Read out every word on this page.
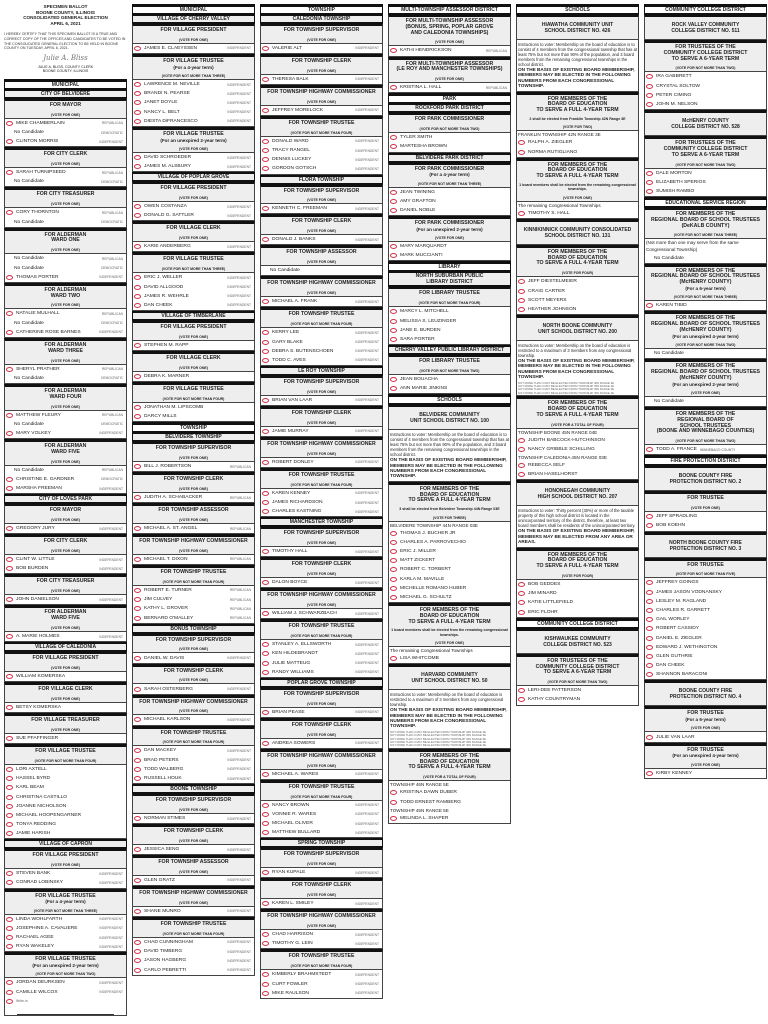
SPECIMEN BALLOT
BOONE COUNTY, ILLINOIS
CONSOLIDATED GENERAL ELECTION
APRIL 6, 2021
I HEREBY CERTIFY THAT THIS SPECIMEN BALLOT IS A TRUE AND CORRECT COPY OF THE OFFICES AND CANDIDATES TO BE VOTED IN THE CONSOLIDATED GENERAL ELECTION TO BE HELD IN BOONE COUNTY ON TUESDAY, APRIL 6, 2021.
Julie A. Bliss
JULIE A. BLISS, COUNTY CLERK
BOONE COUNTY, ILLINOIS
MUNICIPAL
CITY OF BELVIDERE
FOR MAYOR
(VOTE FOR ONE)
MIKE CHAMBERLAIN	REPUBLICAN
No Candidate	DEMOCRATIC
CLINTON MORRIS	INDEPENDENT
FOR CITY CLERK
(VOTE FOR ONE)
SARAH TURNIPSEED	REPUBLICAN
No Candidate	DEMOCRATIC
FOR CITY TREASURER
(VOTE FOR ONE)
CORY THORNTON	REPUBLICAN
No Candidate	DEMOCRATIC
FOR ALDERMAN
WARD ONE
(VOTE FOR ONE)
No Candidate	REPUBLICAN
No Candidate	DEMOCRATIC
THOMAS PORTER	INDEPENDENT
FOR ALDERMAN
WARD TWO
(VOTE FOR ONE)
NATALIE MULHALL	REPUBLICAN
No Candidate	DEMOCRATIC
CATHERINE ROSE BARNES	INDEPENDENT
FOR ALDERMAN
WARD THREE
(VOTE FOR ONE)
SHERYL PRATHER	REPUBLICAN
No Candidate	DEMOCRATIC
FOR ALDERMAN
WARD FOUR
(VOTE FOR ONE)
MATTHEW FLEURY	REPUBLICAN
No Candidate	DEMOCRATIC
MARY VOLKEY	INDEPENDENT
FOR ALDERMAN
WARD FIVE
(VOTE FOR ONE)
No Candidate	REPUBLICAN
CHRISTINE E. GARDNER	DEMOCRATIC
MARSHA FREEMAN	INDEPENDENT
CITY OF LOVES PARK
FOR MAYOR
(VOTE FOR ONE)
GREGORY JURY	INDEPENDENT
FOR CITY CLERK
(VOTE FOR ONE)
CLINT W. LITTLE	INDEPENDENT
BOB BURDEN	INDEPENDENT
FOR CITY TREASURER
(VOTE FOR ONE)
JOHN DANIELSON	INDEPENDENT
FOR ALDERMAN
WARD FIVE
(VOTE FOR ONE)
A. MARIE HOLMES	INDEPENDENT
VILLAGE OF CALEDONIA
FOR VILLAGE PRESIDENT
(VOTE FOR ONE)
WILLIAM KOMERSKA
FOR VILLAGE CLERK
(VOTE FOR ONE)
BETSY KOMERSKA
FOR VILLAGE TREASURER
(VOTE FOR ONE)
SUE PFAFFINGER
FOR VILLAGE TRUSTEE
(VOTE FOR NOT MORE THAN FOUR)
LORI AXTELL
HASSEL BYRD
KARL BEAM
CHRISTINA CASTILLO
JOANNE NICHOLSON
MICHAEL HOOPENGARNER
TONYA REDDING
JAMIE HARISH
VILLAGE OF CAPRON
FOR VILLAGE PRESIDENT
(VOTE FOR ONE)
STEVEN BANK	INDEPENDENT
CONRAD LOBINSKY	INDEPENDENT
FOR VILLAGE TRUSTEE
(For a 4-year term)
(VOTE FOR NOT MORE THAN THREE)
LINDA WOHLFARTH	INDEPENDENT
JOSEPHINE A. CAVALIERE	INDEPENDENT
RACHAEL AGEE	INDEPENDENT
RYAN WAKELEY	INDEPENDENT
FOR VILLAGE TRUSTEE
(For an unexpired 2-year term)
(VOTE FOR NOT MORE THAN TWO)
JORDAN DEURKSEN	INDEPENDENT
CAMILLE WILCOX	INDEPENDENT
Write-in
MUNICIPAL
VILLAGE OF CHERRY VALLEY
FOR VILLAGE PRESIDENT
(VOTE FOR ONE)
JAMES E. CLAEYSSEN	INDEPENDENT
FOR VILLAGE TRUSTEE
(For a 4-year term)
(VOTE FOR NOT MORE THAN THREE)
LAWRENCE M. NEVILLE	INDEPENDENT
BRANDI N. PEARSE	INDEPENDENT
JANET DOYLE	INDEPENDENT
NANCY L. BELT	INDEPENDENT
DIESTA DiFRANCESCO	INDEPENDENT
FOR VILLAGE TRUSTEE
(For an unexpired 2-year term)
(VOTE FOR ONE)
DAVID SCHROEDER	INDEPENDENT
JAMES M. ALSBURY	INDEPENDENT
VILLAGE OF POPLAR GROVE
FOR VILLAGE PRESIDENT
(VOTE FOR ONE)
OWEN COSTANZA	INDEPENDENT
DONALD G. SATTLER	INDEPENDENT
FOR VILLAGE CLERK
(VOTE FOR ONE)
KARIE ANDERBERG	INDEPENDENT
FOR VILLAGE TRUSTEE
(VOTE FOR NOT MORE THAN THREE)
ERIC J. WELLER	INDEPENDENT
DAVID ALLGOOD	INDEPENDENT
JAMES R. WEHRLE	INDEPENDENT
DAN CHEEK	INDEPENDENT
VILLAGE OF TIMBERLANE
FOR VILLAGE PRESIDENT
(VOTE FOR ONE)
STEPHEN M. RAPP
FOR VILLAGE CLERK
(VOTE FOR ONE)
DEBRA K. MARNER
FOR VILLAGE TRUSTEE
(VOTE FOR NOT MORE THAN FOUR)
JONATHAN M. LIPSCOMB
DARCY MILLS
TOWNSHIP
BELVIDERE TOWNSHIP
FOR TOWNSHIP SUPERVISOR
(VOTE FOR ONE)
BILL J. ROBERTSON	REPUBLICAN
FOR TOWNSHIP CLERK
(VOTE FOR ONE)
JUDITH A. SCHABACKER	REPUBLICAN
FOR TOWNSHIP ASSESSOR
(VOTE FOR ONE)
MICHAEL A. ST. ANGEL	REPUBLICAN
FOR TOWNSHIP HIGHWAY COMMISSIONER
(VOTE FOR ONE)
MICHAEL T. DIXON	REPUBLICAN
FOR TOWNSHIP TRUSTEE
(VOTE FOR NOT MORE THAN FOUR)
ROBERT E. TURNER	REPUBLICAN
JIM CULVEY	REPUBLICAN
KATHY L. GROVER	REPUBLICAN
BERNARD O'MALLEY	REPUBLICAN
BONUS TOWNSHIP
FOR TOWNSHIP SUPERVISOR
(VOTE FOR ONE)
DANIEL W. DAVIS	INDEPENDENT
FOR TOWNSHIP CLERK
(VOTE FOR ONE)
SARAH OSTERBERG	INDEPENDENT
FOR TOWNSHIP HIGHWAY COMMISSIONER
(VOTE FOR ONE)
MICHAEL KARLSON	INDEPENDENT
FOR TOWNSHIP TRUSTEE
(VOTE FOR NOT MORE THAN FOUR)
DAN MACKEY	INDEPENDENT
BRAD PETERS	INDEPENDENT
TODD WALBERG	INDEPENDENT
RUSSELL HOUK	INDEPENDENT
BOONE TOWNSHIP
FOR TOWNSHIP SUPERVISOR
(VOTE FOR ONE)
NORMAN STIMES	INDEPENDENT
FOR TOWNSHIP CLERK
(VOTE FOR ONE)
JESSICA SENG	INDEPENDENT
FOR TOWNSHIP ASSESSOR
(VOTE FOR ONE)
GLEN GRATZ	INDEPENDENT
FOR TOWNSHIP HIGHWAY COMMISSIONER
(VOTE FOR ONE)
SHANE MUNRO	INDEPENDENT
FOR TOWNSHIP TRUSTEE
(VOTE FOR NOT MORE THAN FOUR)
CHAD CUNNINGHAM	INDEPENDENT
DAVID TIMBERG	INDEPENDENT
JASON HAGBERG	INDEPENDENT
CARLO PEBRETTI	INDEPENDENT
TOWNSHIP
CALEDONIA TOWNSHIP
FOR TOWNSHIP SUPERVISOR
(VOTE FOR ONE)
VALERIE ALT	INDEPENDENT
FOR TOWNSHIP CLERK
(VOTE FOR ONE)
THERESA BALK	INDEPENDENT
FOR TOWNSHIP HIGHWAY COMMISSIONER
(VOTE FOR ONE)
JEFFREY MORELOCK	INDEPENDENT
FOR TOWNSHIP TRUSTEE
(VOTE FOR NOT MORE THAN FOUR)
DONALD WARD	INDEPENDENT
TRACY RANGEL	INDEPENDENT
DENNIS LUCKEY	INDEPENDENT
GORDON GOTSCH	INDEPENDENT
FLORA TOWNSHIP
FOR TOWNSHIP SUPERVISOR
(VOTE FOR ONE)
KENNETH C. FREEMAN	INDEPENDENT
FOR TOWNSHIP CLERK
(VOTE FOR ONE)
DONALD J. BANKS	INDEPENDENT
FOR TOWNSHIP ASSESSOR
(VOTE FOR ONE)
No Candidate
FOR TOWNSHIP HIGHWAY COMMISSIONER
(VOTE FOR ONE)
MICHAEL A. FRANK	INDEPENDENT
FOR TOWNSHIP TRUSTEE
(VOTE FOR NOT MORE THAN FOUR)
KERRY LEE	INDEPENDENT
GARY BLAKE	INDEPENDENT
DEBRA S. BUTENSCHOEN	INDEPENDENT
TODD C. AVES	INDEPENDENT
LE ROY TOWNSHIP
FOR TOWNSHIP SUPERVISOR
(VOTE FOR ONE)
BRIAN VAN LAAR	INDEPENDENT
FOR TOWNSHIP CLERK
(VOTE FOR ONE)
JAMIE MURRAY	INDEPENDENT
FOR TOWNSHIP HIGHWAY COMMISSIONER
(VOTE FOR ONE)
ROBERT DONLEY	INDEPENDENT
FOR TOWNSHIP TRUSTEE
(VOTE FOR NOT MORE THAN FOUR)
KAREN KENNEY	INDEPENDENT
JAMES RICHARDSON	INDEPENDENT
CHARLES KASTNING	INDEPENDENT
MANCHESTER TOWNSHIP
FOR TOWNSHIP SUPERVISOR
(VOTE FOR ONE)
TIMOTHY HALL	INDEPENDENT
FOR TOWNSHIP CLERK
(VOTE FOR ONE)
DALON BOYCE	INDEPENDENT
FOR TOWNSHIP HIGHWAY COMMISSIONER
(VOTE FOR ONE)
WILLIAM J. SCHWARZBACH	INDEPENDENT
FOR TOWNSHIP TRUSTEE
(VOTE FOR NOT MORE THAN FOUR)
STANLEY A. ELLSWORTH	INDEPENDENT
KEN HILDEBRANDT	INDEPENDENT
JULIE MATTEUG	INDEPENDENT
RANDY WILLIAMS	INDEPENDENT
POPLAR GROVE TOWNSHIP
FOR TOWNSHIP SUPERVISOR
(VOTE FOR ONE)
BRIAN PEASE	INDEPENDENT
FOR TOWNSHIP CLERK
(VOTE FOR ONE)
ANDREA SOWERS	INDEPENDENT
FOR TOWNSHIP HIGHWAY COMMISSIONER
(VOTE FOR ONE)
MICHAEL A. WARES	INDEPENDENT
FOR TOWNSHIP TRUSTEE
(VOTE FOR NOT MORE THAN FOUR)
NANCY BROWN	INDEPENDENT
VONNIE R. WARES	INDEPENDENT
MICHAEL OLIVER	INDEPENDENT
MATTHEW BULLARD	INDEPENDENT
SPRING TOWNSHIP
FOR TOWNSHIP SUPERVISOR
(VOTE FOR ONE)
RYAN KUPALE	INDEPENDENT
FOR TOWNSHIP CLERK
(VOTE FOR ONE)
KAREN L. SMILEY	INDEPENDENT
FOR TOWNSHIP HIGHWAY COMMISSIONER
(VOTE FOR ONE)
CHAD HARRISON	INDEPENDENT
TIMOTHY G. LEIN	INDEPENDENT
FOR TOWNSHIP TRUSTEE
(VOTE FOR NOT MORE THAN FOUR)
KIMBERLY BRAHMSTEDT	INDEPENDENT
CURT FOWLER	INDEPENDENT
MIKE RAULSON	INDEPENDENT
MULTI-TOWNSHIP ASSESSOR DISTRICT
FOR MULTI-TOWNSHIP ASSESSOR
(BONUS, SPRING, POPLAR GROVE
AND CALEDONIA TOWNSHIPS)
(VOTE FOR ONE)
KATHI HENDRICKSON	REPUBLICAN
FOR MULTI-TOWNSHIP ASSESSOR
(LE ROY AND MANCHESTER TOWNSHIPS)
(VOTE FOR ONE)
KRISTINA L. HALL	REPUBLICAN
PARK
ROCKFORD PARK DISTRICT
FOR PARK COMMISSIONER
(VOTE FOR NOT MORE THAN TWO)
TYLER SMITH
MARTESHA BROWN
BELVIDERE PARK DISTRICT
FOR PARK COMMISSIONER
(For a 4-year term)
(VOTE FOR NOT MORE THAN THREE)
JEAN TWINING
AMY GRAFTON
DANIEL NOBLE
FOR PARK COMMISSIONER
(For an unexpired 2-year term)
(VOTE FOR ONE)
MARY MARQUARDT
MARK MUCCIANTI
LIBRARY
NORTH SUBURBAN PUBLIC
LIBRARY DISTRICT
FOR LIBRARY TRUSTEE
(VOTE FOR NOT MORE THAN FOUR)
MARCY L. MITCHELL
MELISSA S. LEUZINGER
JANE E. BURDEN
SARA PORTER
CHERRY VALLEY PUBLIC LIBRARY DISTRICT
FOR LIBRARY TRUSTEE
(VOTE FOR NOT MORE THAN TWO)
JEAN BOUACHA
ANN MARIE JINKINS
SCHOOLS
BELVIDERE COMMUNITY
UNIT SCHOOL DISTRICT NO. 100
Instructions to voter: Membership on the board of education is to consist of 4 members from the congressional township that has at least 75% but not more than 90% of the population, and 3 board members from the remaining congressional townships in the school district.
ON THE BASIS OF EXISTING BOARD MEMBERSHIP, MEMBERS MAY BE ELECTED IN THE FOLLOWING NUMBERS FROM EACH CONGRESSIONAL TOWNSHIP.
FOR MEMBERS OF THE
BOARD OF EDUCATION
TO SERVE A FULL 4-YEAR TERM
3 shall be elected from Belvidere Township 44N Range 03E
(VOTE FOR THREE)
BELVIDERE TOWNSHIP 44N RANGE 03E
THOMAS J. BUCHER JR
CHARLES A. PARROVECHIO
ERIC J. MILLER
MATT ZICKERT
ROBERT C. TORBERT
KARLA M. MAVILLE
MICHELLE ROMANO HUBER
MICHAEL G. SCHULTZ
FOR MEMBERS OF THE
BOARD OF EDUCATION
TO SERVE A FULL 4-YEAR TERM
1 board members shall be elected from the remaining congressional townships.
(VOTE FOR ONE)
The remaining Congressional Townships
LISA WHITCOMB
HARVARD COMMUNITY
UNIT SCHOOL DISTRICT NO. 50
Instructions to voter: Membership on the board of education is restricted to a maximum of 3 members from any congressional township.
ON THE BASIS OF EXISTING BOARD MEMBERSHIP, MEMBERS MAY BE ELECTED IN THE FOLLOWING NUMBERS FROM EACH CONGRESSIONAL TOWNSHIP.
NOT MORE THAN 3 MAY BE ELECTED FROM TOWNSHIP 46N RANGE 4E
NOT MORE THAN 3 MAY BE ELECTED FROM TOWNSHIP 45N RANGE 5E
NOT MORE THAN 3 MAY BE ELECTED FROM TOWNSHIP 46N RANGE 5E
NOT MORE THAN 3 MAY BE ELECTED FROM TOWNSHIP 45N RANGE 4E
NOT MORE THAN 3 MAY BE ELECTED FROM TOWNSHIP 46N RANGE 6E
FOR MEMBERS OF THE
BOARD OF EDUCATION
TO SERVE A FULL 4-YEAR TERM
(VOTE FOR A TOTAL OF FOUR)
TOWNSHIP 46N RANGE 5E
KRISTINA DAWN DUBER
TODD ERNEST RAMBERG
TOWNSHIP 45N RANGE 5E
MELINDA L. SHAPER
SCHOOLS
HIAWATHA COMMUNITY UNIT
SCHOOL DISTRICT NO. 426
Instructions to voter: Membership on the board of education is to consist of 4 members from the congressional township that has at least 75% but not more than 90% of the population, and 3 board members from the remaining congressional townships in the school district.
ON THE BASIS OF EXISTING BOARD MEMBERSHIP, MEMBERS MAY BE ELECTED IN THE FOLLOWING NUMBERS FROM EACH CONGRESSIONAL TOWNSHIP.
FOR MEMBERS OF THE
BOARD OF EDUCATION
TO SERVE A FULL 4-YEAR TERM
2 shall be elected from Franklin Township 42N Range 3E
(VOTE FOR TWO)
FRANKLIN TOWNSHIP 42N RANGE 3E
RALPH A. ZIEGLER
NORMA RUTIGLIANO
FOR MEMBERS OF THE
BOARD OF EDUCATION
TO SERVE A FULL 4-YEAR TERM
1 board members shall be elected from the remaining congressional townships.
(VOTE FOR ONE)
The remaining Congressional Townships
TIMOTHY S. HALL
KINNIKINNICK COMMUNITY CONSOLIDATED
SCHOOL DISTRICT NO. 131
FOR MEMBERS OF THE
BOARD OF EDUCATION
TO SERVE A FULL 4-YEAR TERM
(VOTE FOR FOUR)
JEFF DIESTELMEIER
CRAIG CARTER
SCOTT MEYERS
HEATHER JOHNSON
NORTH BOONE COMMUNITY
UNIT SCHOOL DISTRICT NO. 200
Instructions to voter: Membership on the board of education is restricted to a maximum of 3 members from any congressional township.
ON THE BASIS OF EXISTING BOARD MEMBERSHIP, MEMBERS MAY BE ELECTED IN THE FOLLOWING NUMBERS FROM EACH CONGRESSIONAL TOWNSHIP.
NOT MORE THAN 3 MAY BE ELECTED FROM TOWNSHIP 46N RANGE 3E
NOT MORE THAN 3 MAY BE ELECTED FROM TOWNSHIP 46N RANGE 4E
NOT MORE THAN 3 MAY BE ELECTED FROM TOWNSHIP 45N RANGE 3E
NOT MORE THAN 3 MAY BE ELECTED FROM TOWNSHIP 45N RANGE 4E
FOR MEMBERS OF THE
BOARD OF EDUCATION
TO SERVE A FULL 4-YEAR TERM
(VOTE FOR A TOTAL OF FOUR)
TOWNSHIP BOONE 45N RANGE 04E
JUDITH BABCOCK-HUTCHINSON
NANCY GRIBBLE SCHILLING
TOWNSHIP CALEDONIA 45N RANGE 03E
REBECCA SELF
BRIAN HASELHORST
HONONEGAH COMMUNITY
HIGH SCHOOL DISTRICT NO. 207
Instructions to voter: Thirty percent (30%) or more of the taxable property of this high school district is located in the unincorporated territory of the district, therefore, at least two board members shall be residents of the unincorporated territory.
ON THE BASIS OF EXISTING BOARD MEMBERSHIP, MEMBERS MAY BE ELECTED FROM ANY AREA OR AREAS.
FOR MEMBERS OF THE
BOARD OF EDUCATION
TO SERVE A FULL 4-YEAR TERM
(VOTE FOR FOUR)
BOB GEDDES
JIM MINARD
KATIE LITTLEFIELD
ERIC FLOHR
COMMUNITY COLLEGE DISTRICT
KISHWAUKEE COMMUNITY
COLLEGE DISTRICT NO. 523
FOR TRUSTEES OF THE
COMMUNITY COLLEGE DISTRICT
TO SERVE A 6-YEAR TERM
(VOTE FOR NOT MORE THAN TWO)
LERI-DEE PATTERSON
KATHY COUNTRYMAN
COMMUNITY COLLEGE DISTRICT
ROCK VALLEY COMMUNITY
COLLEGE DISTRICT NO. 511
FOR TRUSTEES OF THE
COMMUNITY COLLEGE DISTRICT
TO SERVE A 6-YEAR TERM
(VOTE FOR NOT MORE THAN TWO)
IRA GABBRETT
CRYSTAL SOLTOW
PETER CIMINO
JOHN M. NELSON
McHENRY COUNTY
COLLEGE DISTRICT NO. 528
FOR TRUSTEES OF THE
COMMUNITY COLLEGE DISTRICT
TO SERVE A 6-YEAR TERM
(VOTE FOR NOT MORE THAN TWO)
DALE MORTON
ELIZABETH SPERIOS
SUMISH RAMBO
EDUCATIONAL SERVICE REGION
FOR MEMBERS OF THE
REGIONAL BOARD OF SCHOOL TRUSTEES
(DeKALB COUNTY)
(VOTE FOR NOT MORE THAN THREE)
(Not more than one may serve from the same Congressional Township)
No Candidate
FOR MEMBERS OF THE
REGIONAL BOARD OF SCHOOL TRUSTEES
(McHENRY COUNTY)
(For a 6-year term)
(VOTE FOR NOT MORE THAN THREE)
KAREN TIBID
FOR MEMBERS OF THE
REGIONAL BOARD OF SCHOOL TRUSTEES
(McHENRY COUNTY)
(For an unexpired 4-year term)
(VOTE FOR NOT MORE THAN TWO)
No Candidate
FOR MEMBERS OF THE
REGIONAL BOARD OF SCHOOL TRUSTEES
(McHENRY COUNTY)
(For an unexpired 2-year term)
(VOTE FOR ONE)
No Candidate
FOR MEMBERS OF THE
REGIONAL BOARD OF
SCHOOL TRUSTEES
(BOONE AND WINNEBAGO COUNTIES)
(VOTE FOR NOT MORE THAN TWO)
TODD A. FRANCE WINNEBAGO COUNTY
FIRE PROTECTION DISTRICT
BOONE COUNTY FIRE
PROTECTION DISTRICT NO. 2
FOR TRUSTEE
(VOTE FOR ONE)
JEFF SPRADLING
BOB KOEHN
NORTH BOONE COUNTY FIRE
PROTECTION DISTRICT NO. 3
FOR TRUSTEE
(VOTE FOR NOT MORE THAN FIVE)
JEFFREY GOINGS
JAMES JASON VODNANSKY
LESLEY M. RAGLAND
CHARLES R. GARRETT
GAIL WORLEY
ROBERT CASSIDY
DANIEL E. ZIEGLER
EDWARD J. WETHINGTON
GLEN GUTHRIE
DAN CHEEK
SHANNON BARACONI
BOONE COUNTY FIRE
PROTECTION DISTRICT NO. 4
FOR TRUSTEE
(For a 6-year term)
(VOTE FOR ONE)
JULIE VAN LAAR
FOR TRUSTEE
(For an unexpired 4-year term)
(VOTE FOR ONE)
KIRBY KENNEY
